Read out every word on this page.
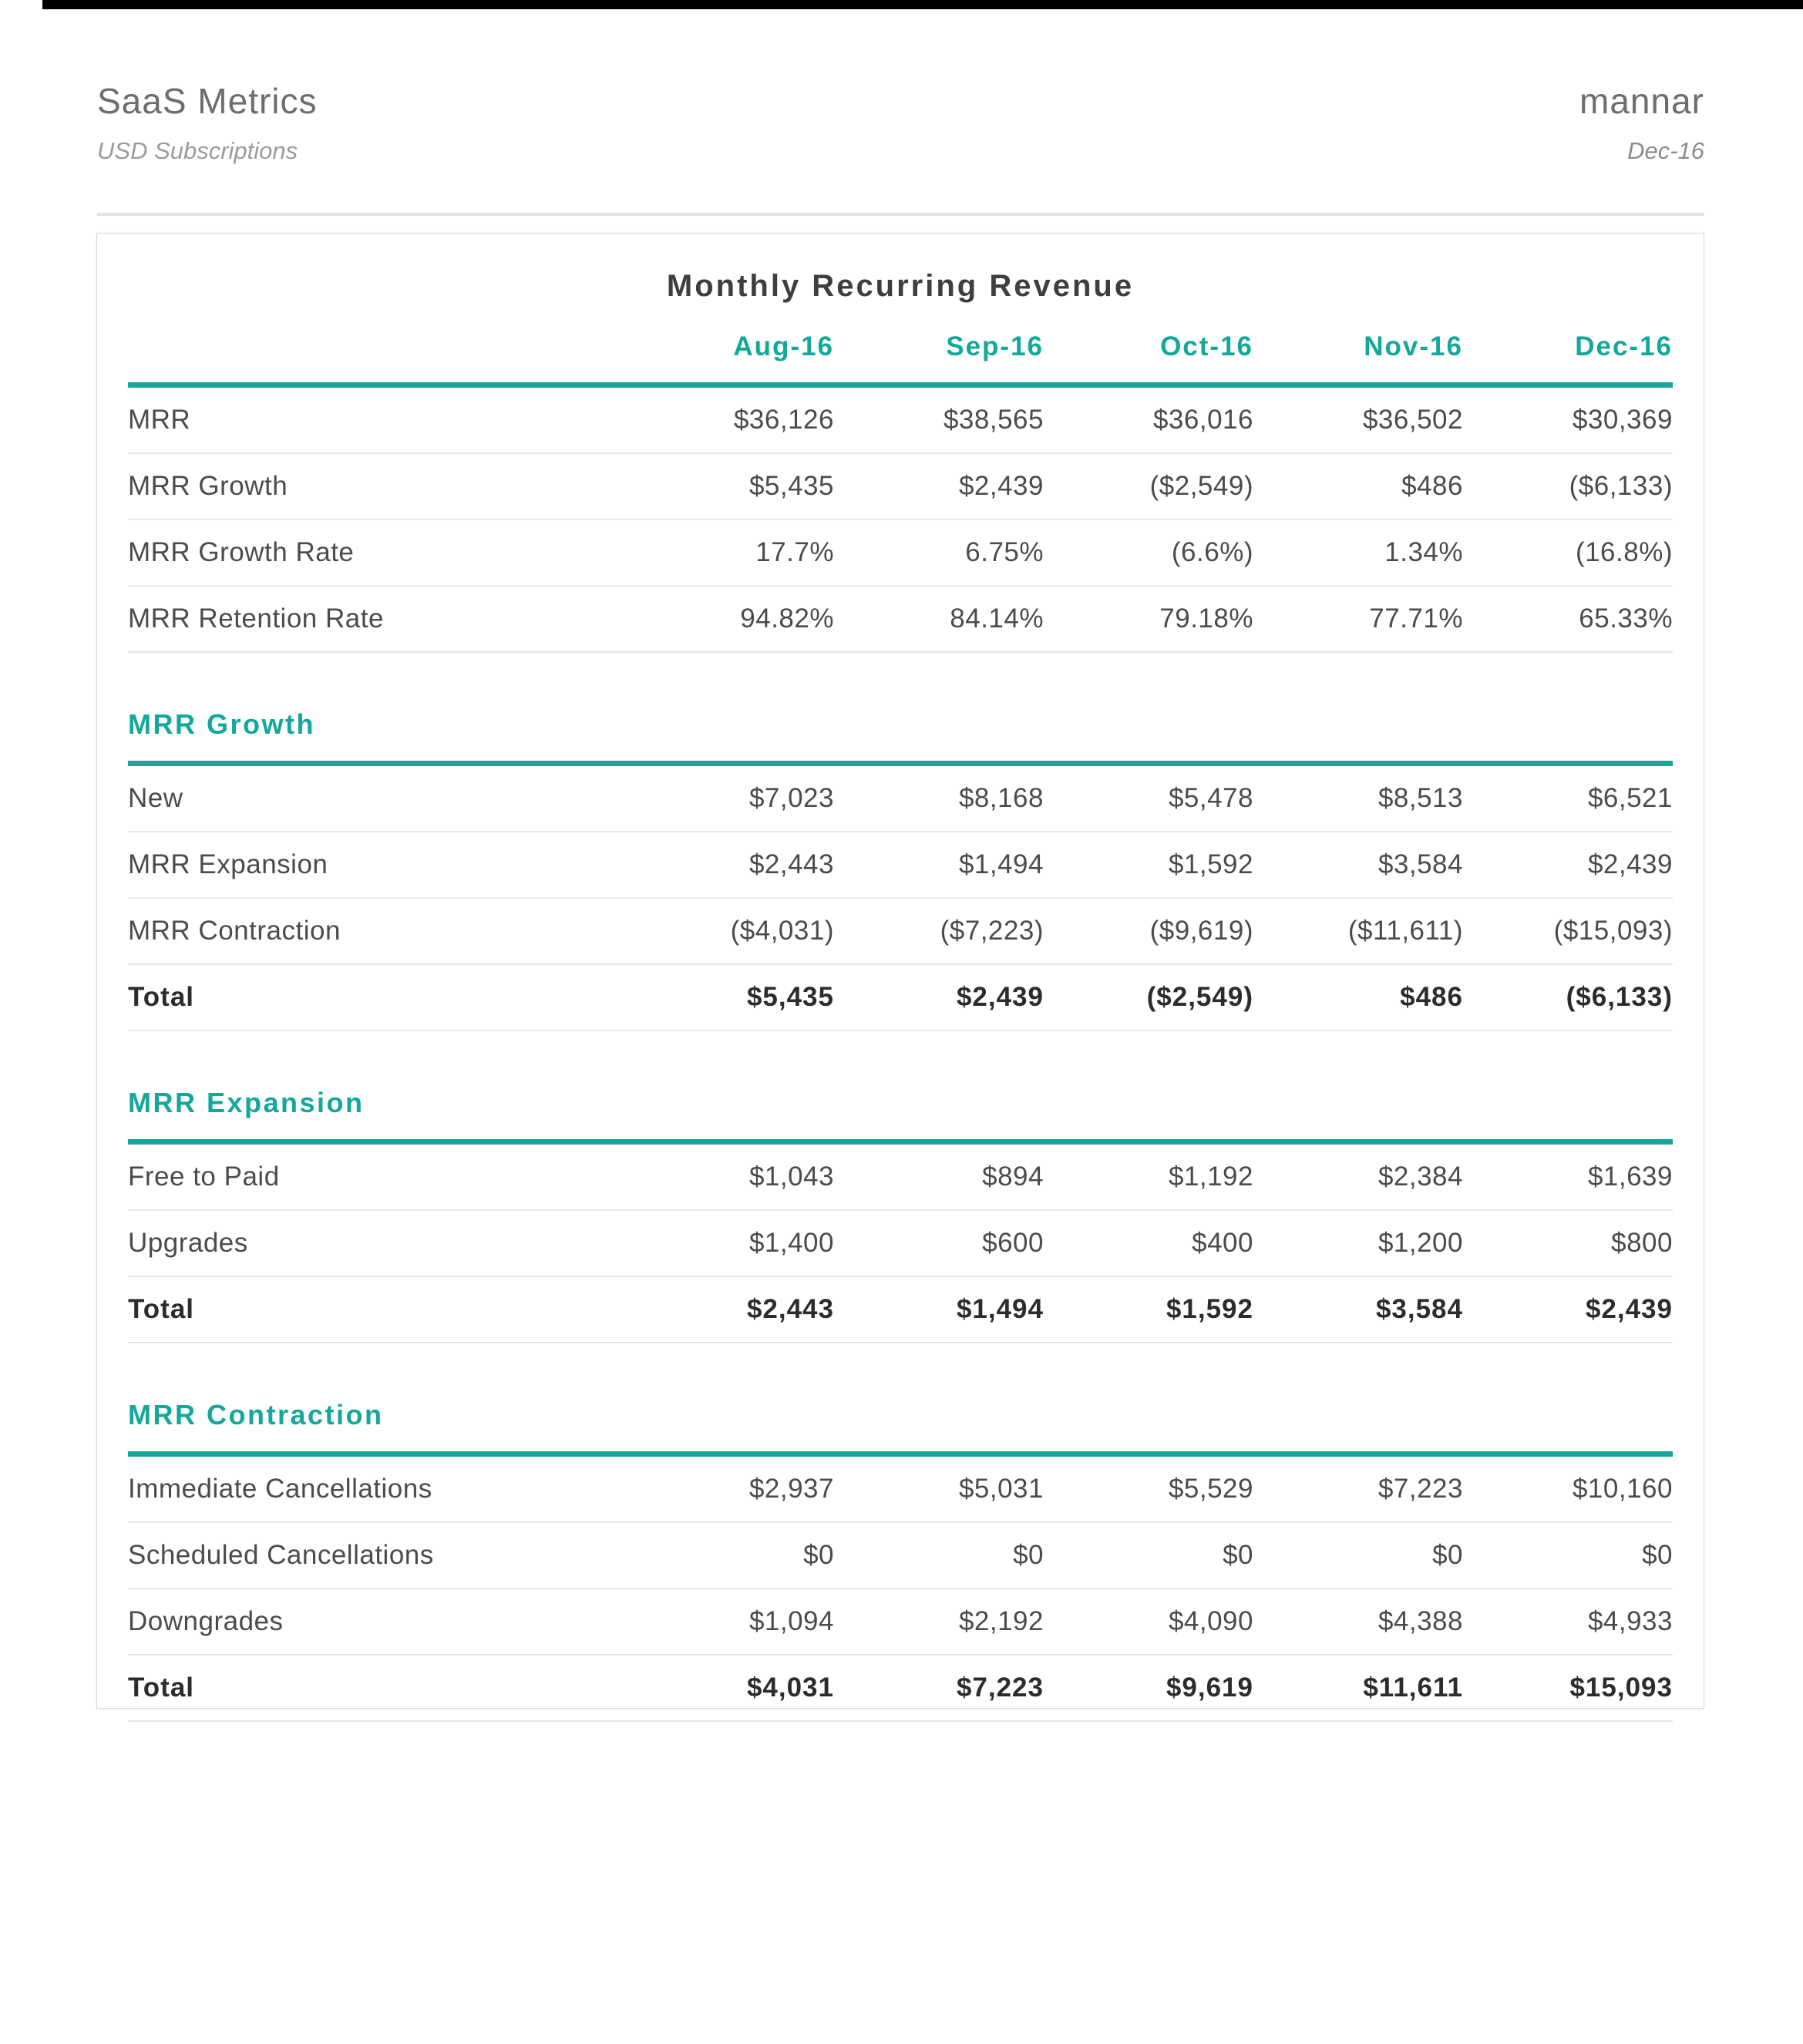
SaaS Metrics
USD Subscriptions
mannar
Dec-16
Monthly Recurring Revenue
	Aug-16	Sep-16	Oct-16	Nov-16	Dec-16
MRR	$36,126	$38,565	$36,016	$36,502	$30,369
MRR Growth	$5,435	$2,439	($2,549)	$486	($6,133)
MRR Growth Rate	17.7%	6.75%	(6.6%)	1.34%	(16.8%)
MRR Retention Rate	94.82%	84.14%	79.18%	77.71%	65.33%
MRR Growth
New	$7,023	$8,168	$5,478	$8,513	$6,521
MRR Expansion	$2,443	$1,494	$1,592	$3,584	$2,439
MRR Contraction	($4,031)	($7,223)	($9,619)	($11,611)	($15,093)
Total	$5,435	$2,439	($2,549)	$486	($6,133)
MRR Expansion
Free to Paid	$1,043	$894	$1,192	$2,384	$1,639
Upgrades	$1,400	$600	$400	$1,200	$800
Total	$2,443	$1,494	$1,592	$3,584	$2,439
MRR Contraction
Immediate Cancellations	$2,937	$5,031	$5,529	$7,223	$10,160
Scheduled Cancellations	$0	$0	$0	$0	$0
Downgrades	$1,094	$2,192	$4,090	$4,388	$4,933
Total	$4,031	$7,223	$9,619	$11,611	$15,093
